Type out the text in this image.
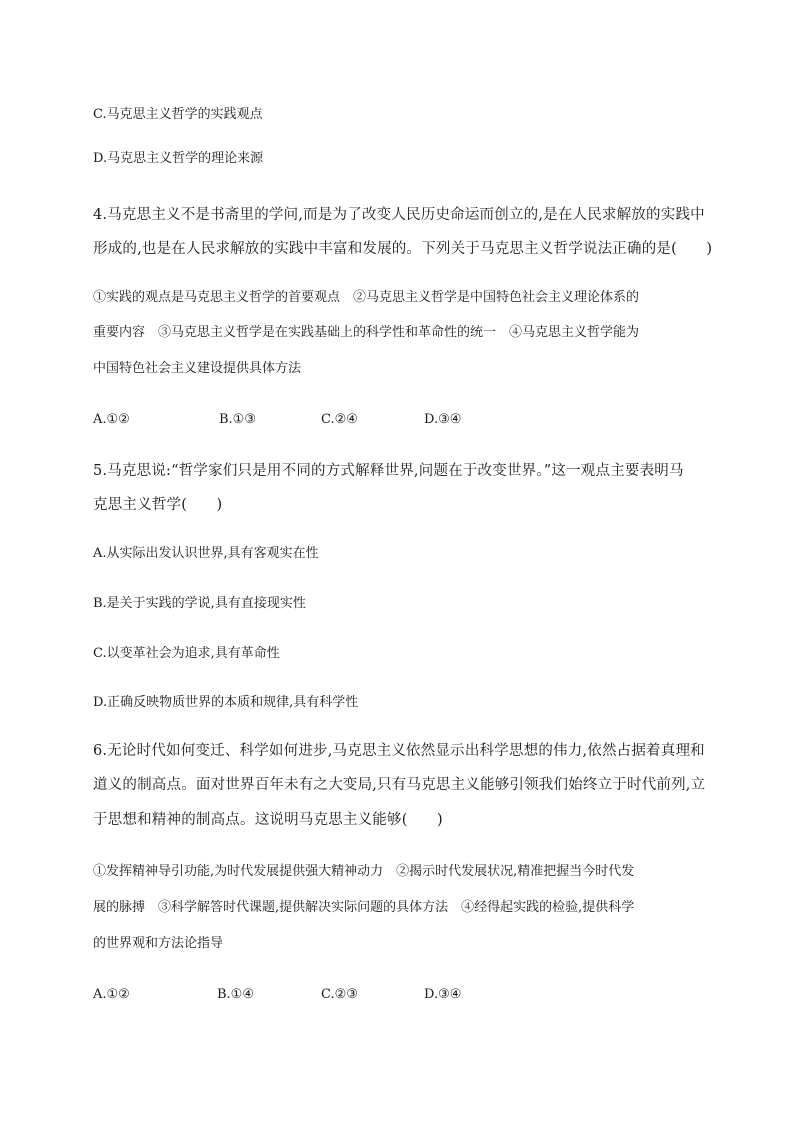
C.马克思主义哲学的实践观点
D.马克思主义哲学的理论来源
4.马克思主义不是书斋里的学问,而是为了改变人民历史命运而创立的,是在人民求解放的实践中
形成的,也是在人民求解放的实践中丰富和发展的。下列关于马克思主义哲学说法正确的是(　　)
①实践的观点是马克思主义哲学的首要观点　②马克思主义哲学是中国特色社会主义理论体系的
重要内容　③马克思主义哲学是在实践基础上的科学性和革命性的统一　④马克思主义哲学能为
中国特色社会主义建设提供具体方法
A.①②	B.①③	C.②④	D.③④
5.马克思说:“哲学家们只是用不同的方式解释世界,问题在于改变世界。”这一观点主要表明马
克思主义哲学(　　)
A.从实际出发认识世界,具有客观实在性
B.是关于实践的学说,具有直接现实性
C.以变革社会为追求,具有革命性
D.正确反映物质世界的本质和规律,具有科学性
6.无论时代如何变迁、科学如何进步,马克思主义依然显示出科学思想的伟力,依然占据着真理和
道义的制高点。面对世界百年未有之大变局,只有马克思主义能够引领我们始终立于时代前列,立
于思想和精神的制高点。这说明马克思主义能够(　　)
①发挥精神导引功能,为时代发展提供强大精神动力　②揭示时代发展状况,精准把握当今时代发
展的脉搏　③科学解答时代课题,提供解决实际问题的具体方法　④经得起实践的检验,提供科学
的世界观和方法论指导
A.①②	B.①④	C.②③	D.③④
